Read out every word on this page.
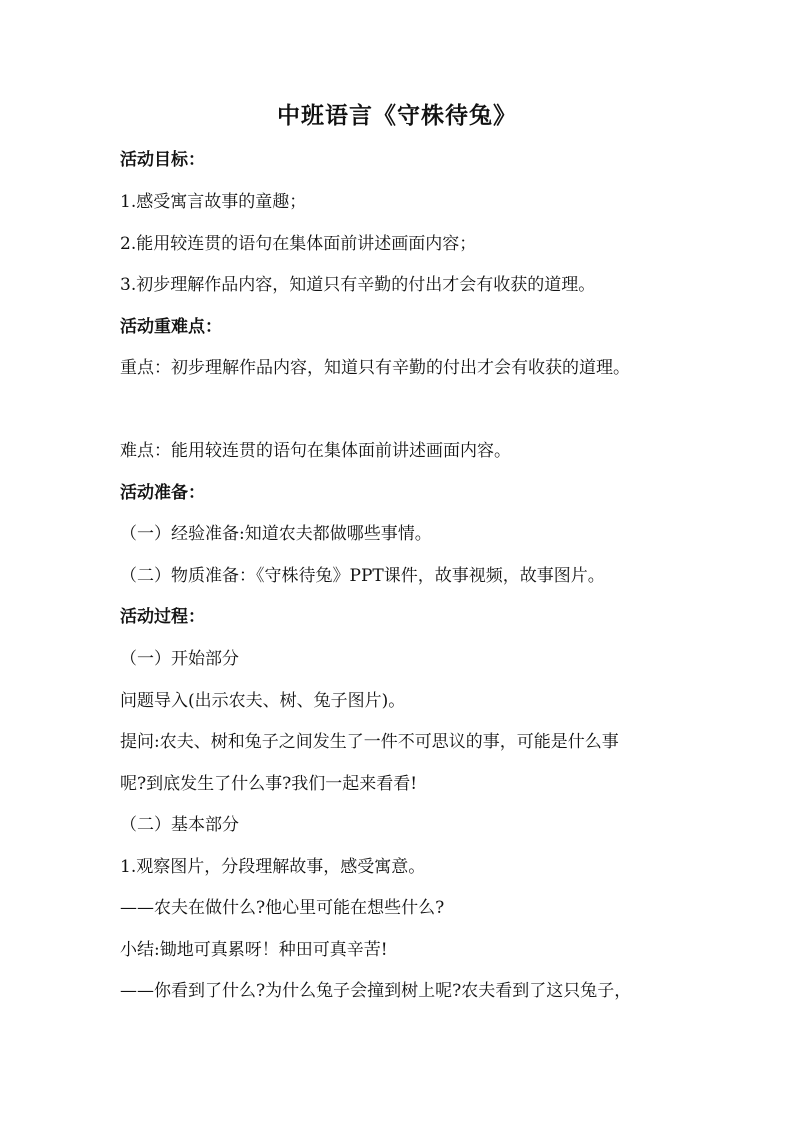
中班语言《守株待兔》
活动目标：
1.感受寓言故事的童趣；
2.能用较连贯的语句在集体面前讲述画面内容；
3.初步理解作品内容，知道只有辛勤的付出才会有收获的道理。
活动重难点：
重点：初步理解作品内容，知道只有辛勤的付出才会有收获的道理。
难点：能用较连贯的语句在集体面前讲述画面内容。
活动准备：
（一）经验准备:知道农夫都做哪些事情。
（二）物质准备：《守株待兔》PPT课件，故事视频，故事图片。
活动过程：
（一）开始部分
问题导入(出示农夫、树、兔子图片)。
提问:农夫、树和兔子之间发生了一件不可思议的事，可能是什么事
呢?到底发生了什么事?我们一起来看看!
（二）基本部分
1.观察图片，分段理解故事，感受寓意。
——农夫在做什么?他心里可能在想些什么?
小结:锄地可真累呀！种田可真辛苦!
——你看到了什么?为什么兔子会撞到树上呢?农夫看到了这只兔子，
